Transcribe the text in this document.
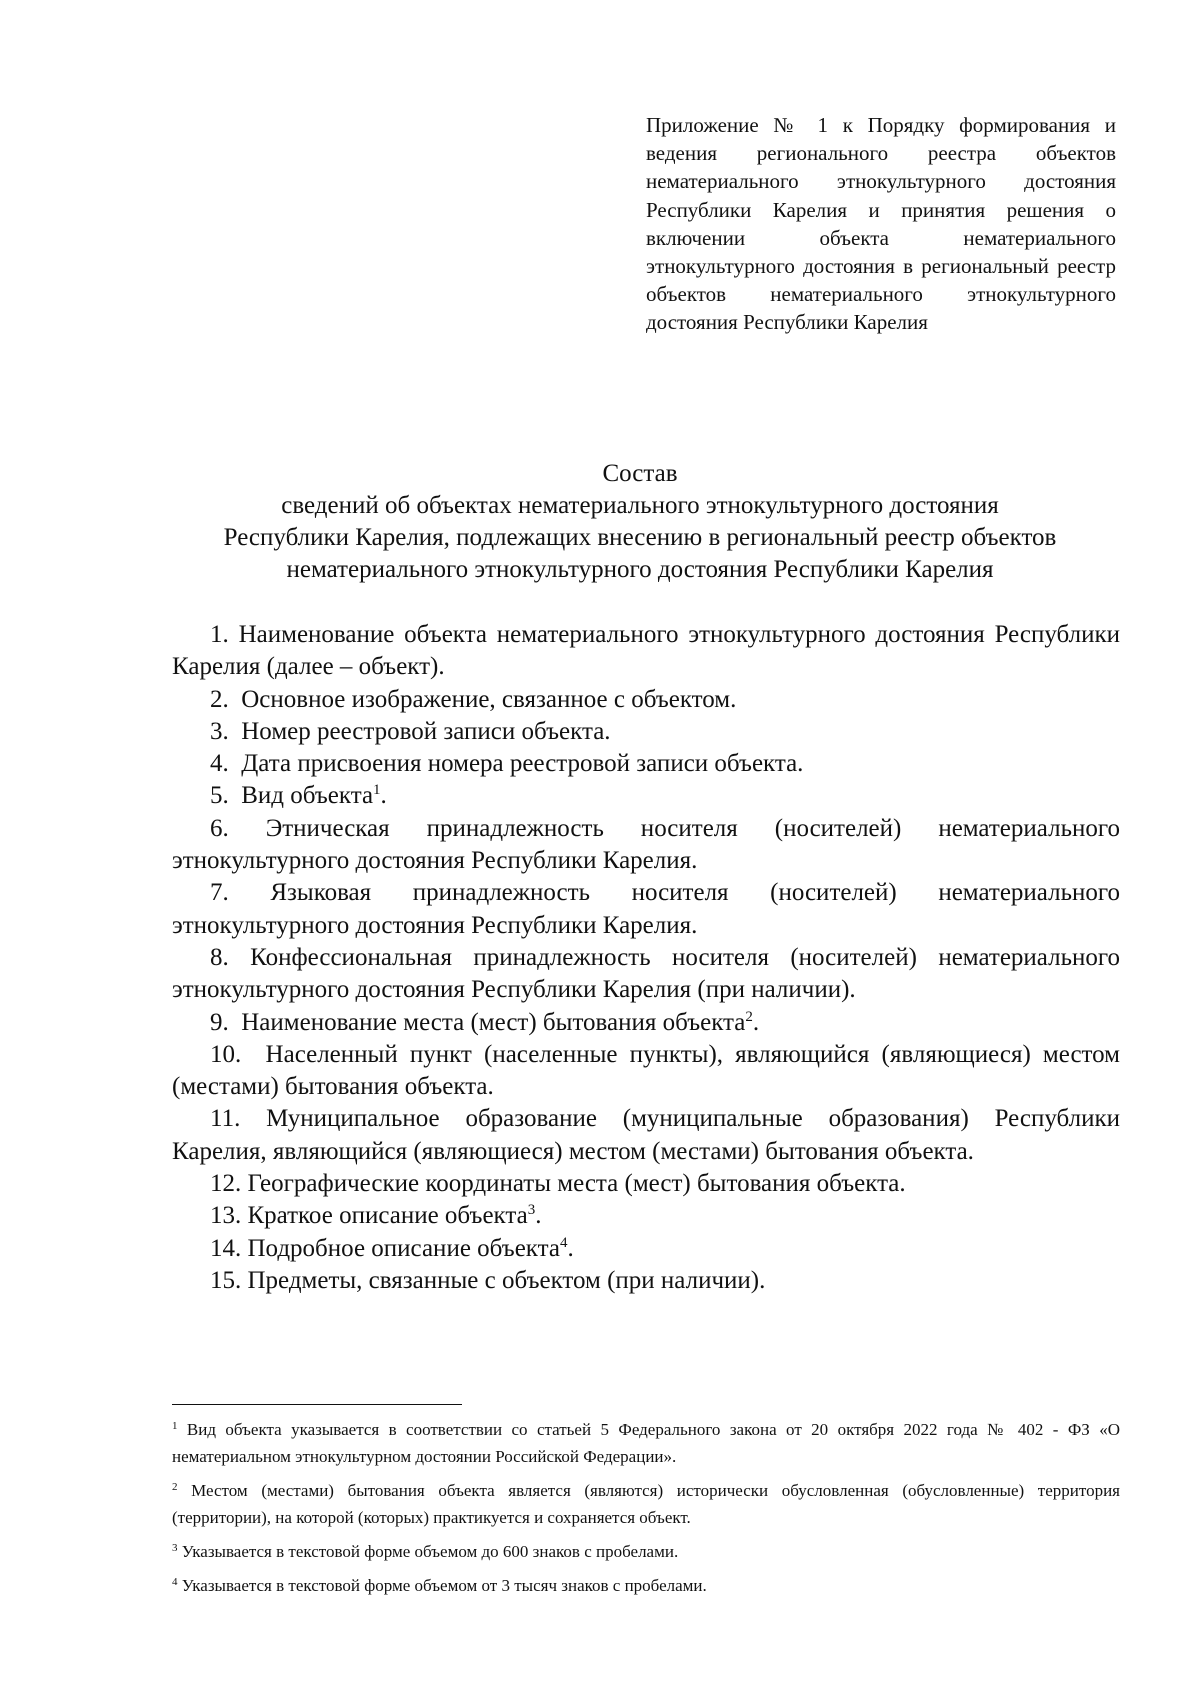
Приложение № 1 к Порядку формирования и ведения регионального реестра объектов нематериального этнокультурного достояния Республики Карелия и принятия решения о включении объекта нематериального этнокультурного достояния в региональный реестр объектов нематериального этнокультурного достояния Республики Карелия
Состав
сведений об объектах нематериального этнокультурного достояния
Республики Карелия, подлежащих внесению в региональный реестр объектов
нематериального этнокультурного достояния Республики Карелия

1. Наименование объекта нематериального этнокультурного достояния Республики Карелия (далее – объект).

2. Основное изображение, связанное с объектом.

3. Номер реестровой записи объекта.

4. Дата присвоения номера реестровой записи объекта.

5. Вид объекта$^1$.

6. Этническая принадлежность носителя (носителей) нематериального этнокультурного достояния Республики Карелия.

7. Языковая принадлежность носителя (носителей) нематериального этнокультурного достояния Республики Карелия.

8. Конфессиональная принадлежность носителя (носителей) нематериального этнокультурного достояния Республики Карелия (при наличии).

9. Наименование места (мест) бытования объекта$^2$.

10. Населенный пункт (населенные пункты), являющийся (являющиеся) местом (местами) бытования объекта.

11. Муниципальное образование (муниципальные образования) Республики Карелия, являющийся (являющиеся) местом (местами) бытования объекта.

12. Географические координаты места (мест) бытования объекта.

13. Краткое описание объекта$^3$.

14. Подробное описание объекта$^4$.

15. Предметы, связанные с объектом (при наличии).

$^1$ Вид объекта указывается в соответствии со статьей 5 Федерального закона от 20 октября 2022 года № 402 - ФЗ «О нематериальном этнокультурном достоянии Российской Федерации».

$^2$ Местом (местами) бытования объекта является (являются) исторически обусловленная (обусловленные) территория (территории), на которой (которых) практикуется и сохраняется объект.

$^3$ Указывается в текстовой форме объемом до 600 знаков с пробелами.

$^4$ Указывается в текстовой форме объемом от 3 тысяч знаков с пробелами.
